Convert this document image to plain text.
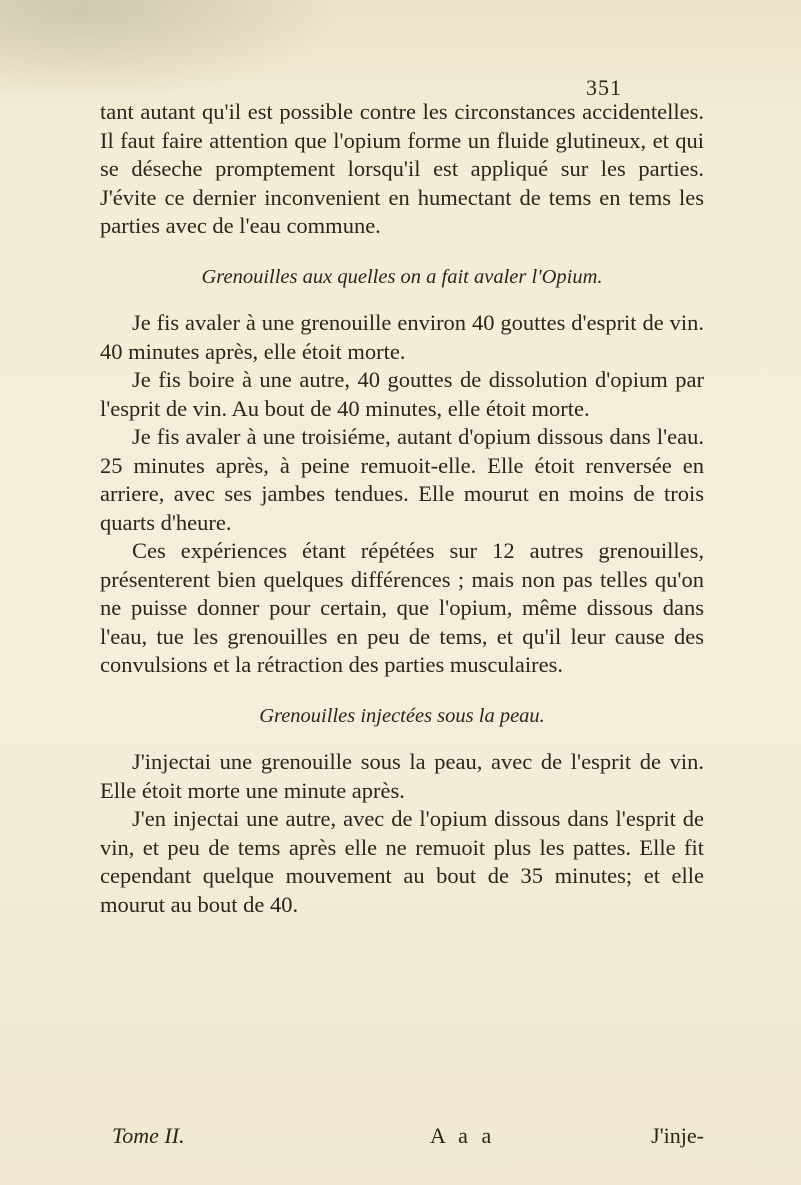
351

tant autant qu'il est possible contre les circonstances accidentelles. Il faut faire attention que l'opium forme un fluide glutineux, et qui se déseche promptement lorsqu'il est appliqué sur les parties. J'évite ce dernier inconvenient en humectant de tems en tems les parties avec de l'eau commune.

Grenouilles aux quelles on a fait avaler l'Opium.

Je fis avaler à une grenouille environ 40 gouttes d'esprit de vin. 40 minutes après, elle étoit morte.

Je fis boire à une autre, 40 gouttes de dissolution d'opium par l'esprit de vin. Au bout de 40 minutes, elle étoit morte.

Je fis avaler à une troisiéme, autant d'opium dissous dans l'eau. 25 minutes après, à peine remuoit-elle. Elle étoit renversée en arriere, avec ses jambes tendues. Elle mourut en moins de trois quarts d'heure.

Ces expériences étant répétées sur 12 autres grenouilles, présenterent bien quelques différences ; mais non pas telles qu'on ne puisse donner pour certain, que l'opium, même dissous dans l'eau, tue les grenouilles en peu de tems, et qu'il leur cause des convulsions et la rétraction des parties musculaires.

Grenouilles injectées sous la peau.

J'injectai une grenouille sous la peau, avec de l'esprit de vin. Elle étoit morte une minute après.

J'en injectai une autre, avec de l'opium dissous dans l'esprit de vin, et peu de tems après elle ne remuoit plus les pattes. Elle fit cependant quelque mouvement au bout de 35 minutes; et elle mourut au bout de 40.

Tome II.	A a a	J'inje-
